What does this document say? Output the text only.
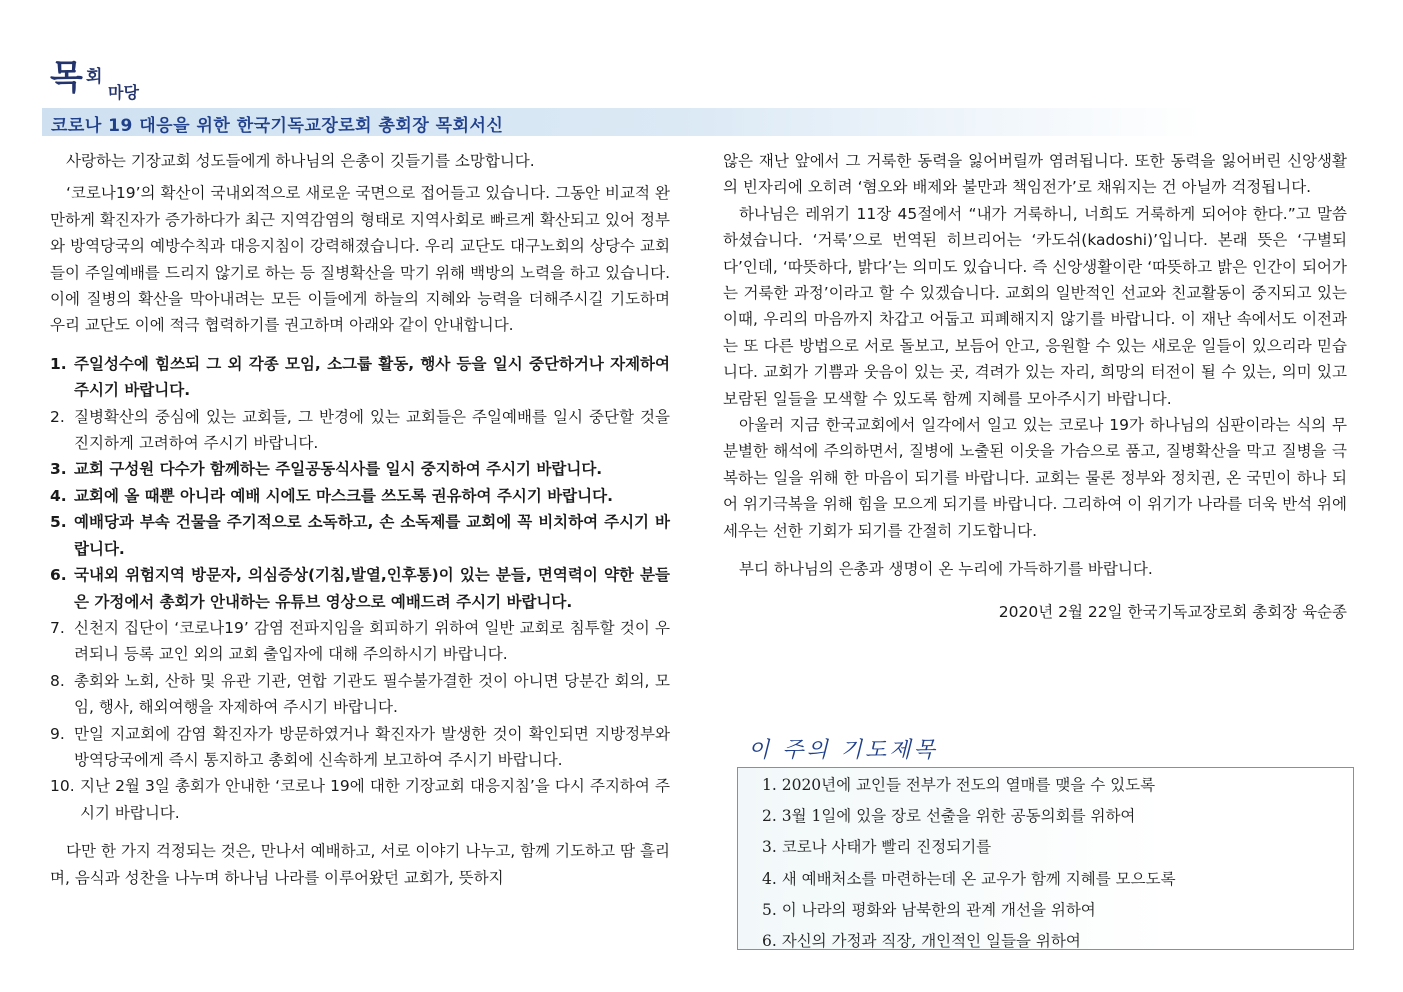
목 회
마당
코로나 19 대응을 위한 한국기독교장로회 총회장 목회서신

사랑하는 기장교회 성도들에게 하나님의 은총이 깃들기를 소망합니다.

‘코로나19’의 확산이 국내외적으로 새로운 국면으로 접어들고 있습니다. 그동안 비교적 완만하게 확진자가 증가하다가 최근 지역감염의 형태로 지역사회로 빠르게 확산되고 있어 정부와 방역당국의 예방수칙과 대응지침이 강력해졌습니다. 우리 교단도 대구노회의 상당수 교회들이 주일예배를 드리지 않기로 하는 등 질병확산을 막기 위해 백방의 노력을 하고 있습니다. 이에 질병의 확산을 막아내려는 모든 이들에게 하늘의 지혜와 능력을 더해주시길 기도하며 우리 교단도 이에 적극 협력하기를 권고하며 아래와 같이 안내합니다.

1. 주일성수에 힘쓰되 그 외 각종 모임, 소그룹 활동, 행사 등을 일시 중단하거나 자제하여 주시기 바랍니다.
2. 질병확산의 중심에 있는 교회들, 그 반경에 있는 교회들은 주일예배를 일시 중단할 것을 진지하게 고려하여 주시기 바랍니다.
3. 교회 구성원 다수가 함께하는 주일공동식사를 일시 중지하여 주시기 바랍니다.
4. 교회에 올 때뿐 아니라 예배 시에도 마스크를 쓰도록 권유하여 주시기 바랍니다.
5. 예배당과 부속 건물을 주기적으로 소독하고, 손 소독제를 교회에 꼭 비치하여 주시기 바랍니다.
6. 국내외 위험지역 방문자, 의심증상(기침,발열,인후통)이 있는 분들, 면역력이 약한 분들은 가정에서 총회가 안내하는 유튜브 영상으로 예배드려 주시기 바랍니다.
7. 신천지 집단이 ‘코로나19’ 감염 전파지임을 회피하기 위하여 일반 교회로 침투할 것이 우려되니 등록 교인 외의 교회 출입자에 대해 주의하시기 바랍니다.
8. 총회와 노회, 산하 및 유관 기관, 연합 기관도 필수불가결한 것이 아니면 당분간 회의, 모임, 행사, 해외여행을 자제하여 주시기 바랍니다.
9. 만일 지교회에 감염 확진자가 방문하였거나 확진자가 발생한 것이 확인되면 지방정부와 방역당국에게 즉시 통지하고 총회에 신속하게 보고하여 주시기 바랍니다.
10. 지난 2월 3일 총회가 안내한 ‘코로나 19에 대한 기장교회 대응지침’을 다시 주지하여 주시기 바랍니다.

다만 한 가지 걱정되는 것은, 만나서 예배하고, 서로 이야기 나누고, 함께 기도하고 땀 흘리며, 음식과 성찬을 나누며 하나님 나라를 이루어왔던 교회가, 뜻하지

않은 재난 앞에서 그 거룩한 동력을 잃어버릴까 염려됩니다. 또한 동력을 잃어버린 신앙생활의 빈자리에 오히려 ‘혐오와 배제와 불만과 책임전가’로 채워지는 건 아닐까 걱정됩니다.

하나님은 레위기 11장 45절에서 “내가 거룩하니, 너희도 거룩하게 되어야 한다.”고 말씀하셨습니다. ‘거룩’으로 번역된 히브리어는 ‘카도쉬(kadoshi)’입니다. 본래 뜻은 ‘구별되다’인데, ‘따뜻하다, 밝다’는 의미도 있습니다. 즉 신앙생활이란 ‘따뜻하고 밝은 인간이 되어가는 거룩한 과정’이라고 할 수 있겠습니다. 교회의 일반적인 선교와 친교활동이 중지되고 있는 이때, 우리의 마음까지 차갑고 어둡고 피폐해지지 않기를 바랍니다. 이 재난 속에서도 이전과는 또 다른 방법으로 서로 돌보고, 보듬어 안고, 응원할 수 있는 새로운 일들이 있으리라 믿습니다. 교회가 기쁨과 웃음이 있는 곳, 격려가 있는 자리, 희망의 터전이 될 수 있는, 의미 있고 보람된 일들을 모색할 수 있도록 함께 지혜를 모아주시기 바랍니다.

아울러 지금 한국교회에서 일각에서 일고 있는 코로나 19가 하나님의 심판이라는 식의 무분별한 해석에 주의하면서, 질병에 노출된 이웃을 가슴으로 품고, 질병확산을 막고 질병을 극복하는 일을 위해 한 마음이 되기를 바랍니다. 교회는 물론 정부와 정치권, 온 국민이 하나 되어 위기극복을 위해 힘을 모으게 되기를 바랍니다. 그리하여 이 위기가 나라를 더욱 반석 위에 세우는 선한 기회가 되기를 간절히 기도합니다.

부디 하나님의 은총과 생명이 온 누리에 가득하기를 바랍니다.

2020년 2월 22일 한국기독교장로회 총회장 육순종

이 주의 기도제목
1. 2020년에 교인들 전부가 전도의 열매를 맺을 수 있도록
2. 3월 1일에 있을 장로 선출을 위한 공동의회를 위하여
3. 코로나 사태가 빨리 진정되기를
4. 새 예배처소를 마련하는데 온 교우가 함께 지혜를 모으도록
5. 이 나라의 평화와 남북한의 관계 개선을 위하여
6. 자신의 가정과 직장, 개인적인 일들을 위하여
